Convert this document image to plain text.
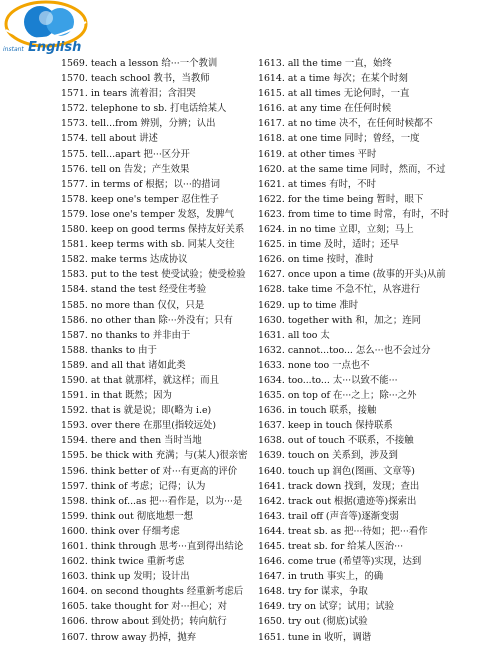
instant English
1569. teach a lesson 给···一个教训
1570. teach school 教书，当教师
1571. in tears 流着泪；含泪哭
1572. telephone to sb. 打电话给某人
1573. tell...from 辨别，分辨；认出
1574. tell about 讲述
1575. tell...apart 把···区分开
1576. tell on 告发；产生效果
1577. in terms of 根据；以···的措词
1578. keep one's temper 忍住性子
1579. lose one's temper 发怒，发脾气
1580. keep on good terms 保持友好关系
1581. keep terms with sb. 同某人交往
1582. make terms 达成协议
1583. put to the test 使受试验；使受检验
1584. stand the test 经受住考验
1585. no more than 仅仅，只是
1586. no other than 除···外没有；只有
1587. no thanks to 并非由于
1588. thanks to 由于
1589. and all that 诸如此类
1590. at that 就那样，就这样；而且
1591. in that 既然；因为
1592. that is 就是说；即(略为 i.e)
1593. over there 在那里(指较远处)
1594. there and then 当时当地
1595. be thick with 充满；与(某人)很亲密
1596. think better of 对···有更高的评价
1597. think of 考虑；记得；认为
1598. think of...as 把···看作是，以为···是
1599. think out 彻底地想一想
1600. think over 仔细考虑
1601. think through 思考···直到得出结论
1602. think twice 重新考虑
1603. think up 发明；设计出
1604. on second thoughts 经重新考虑后
1605. take thought for 对···担心；对
1606. throw about 到处扔；转向航行
1607. throw away 扔掉，抛弃
1613. all the time 一直，始终
1614. at a time 每次；在某个时刻
1615. at all times 无论何时，一直
1616. at any time 在任何时候
1617. at no time 决不，在任何时候都不
1618. at one time 同时；曾经，一度
1619. at other times 平时
1620. at the same time 同时，然而，不过
1621. at times 有时，不时
1622. for the time being 暂时，眼下
1623. from time to time 时常，有时，不时
1624. in no time 立即，立刻；马上
1625. in time 及时，适时；还早
1626. on time 按时，准时
1627. once upon a time (故事的开头)从前
1628. take time 不急不忙，从容进行
1629. up to time 准时
1630. together with 和，加之；连同
1631. all too 太
1632. cannot...too... 怎么···也不会过分
1633. none too 一点也不
1634. too...to... 太···以致不能···
1635. on top of 在···之上；除···之外
1636. in touch 联系，接触
1637. keep in touch 保持联系
1638. out of touch 不联系，不接触
1639. touch on 关系到，涉及到
1640. touch up 润色(图画、文章等)
1641. track down 找到，发现；查出
1642. track out 根据(遗迹等)探索出
1643. trail off (声音等)逐渐变弱
1644. treat sb. as 把···待如；把···看作
1645. treat sb. for 给某人医治···
1646. come true (希望等)实现，达到
1647. in truth 事实上，的确
1648. try for 谋求，争取
1649. try on 试穿；试用；试验
1650. try out (彻底)试验
1651. tune in 收听，调谐
